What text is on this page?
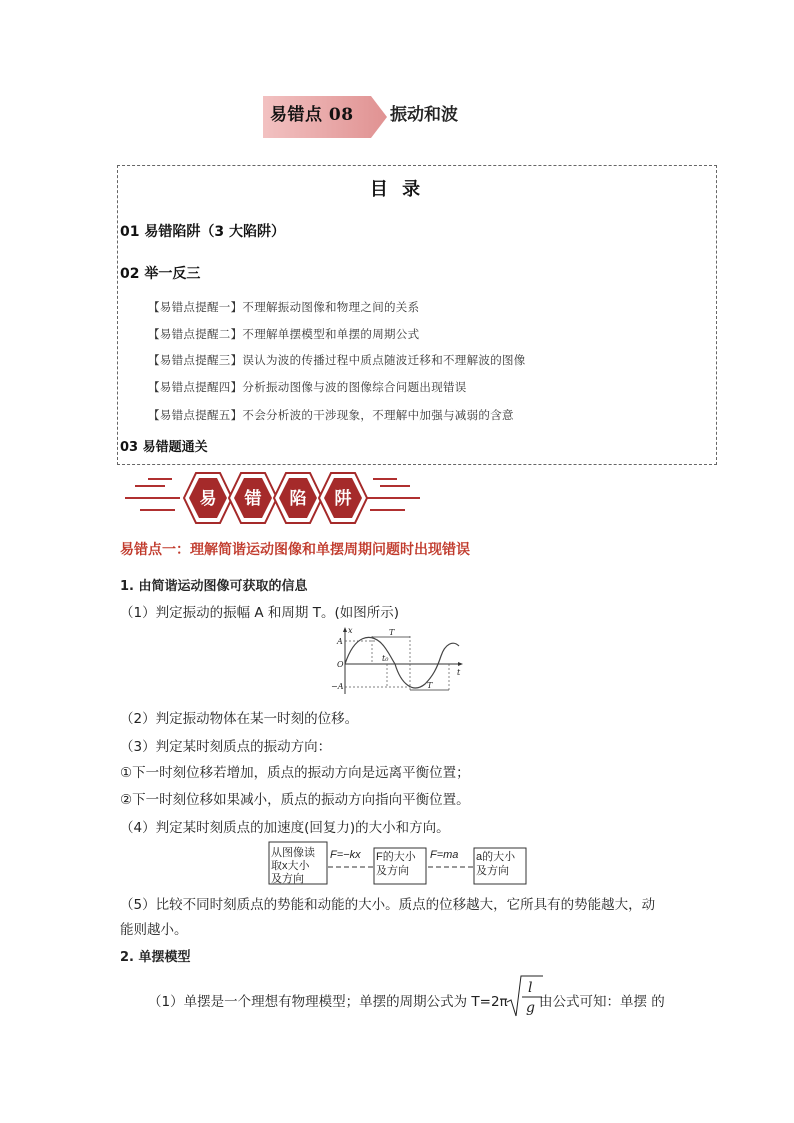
易错点 08 振动和波
目 录
01 易错陷阱（3 大陷阱）
02 举一反三
【易错点提醒一】不理解振动图像和物理之间的关系
【易错点提醒二】不理解单摆模型和单摆的周期公式
【易错点提醒三】误认为波的传播过程中质点随波迁移和不理解波的图像
【易错点提醒四】分析振动图像与波的图像综合问题出现错误
【易错点提醒五】不会分析波的干涉现象，不理解中加强与减弱的含意
03 易错题通关
易 错 陷 阱
易错点一：理解简谐运动图像和单摆周期问题时出现错误
1. 由简谐运动图像可获取的信息
（1）判定振动的振幅 A 和周期 T。(如图所示)
x
t
O
A
−A
T
T
t₀
（2）判定振动物体在某一时刻的位移。
（3）判定某时刻质点的振动方向：
①下一时刻位移若增加，质点的振动方向是远离平衡位置；
②下一时刻位移如果减小，质点的振动方向指向平衡位置。
（4）判定某时刻质点的加速度(回复力)的大小和方向。
从图像读 取x大小 及方向
F=−kx F的大小 及方向
F=ma a的大小 及方向
（5）比较不同时刻质点的势能和动能的大小。质点的位移越大，它所具有的势能越大，动
能则越小。
2. 单摆模型
（1）单摆是一个理想有物理模型；单摆的周期公式为 T=2π
l
g 由公式可知：单摆 的
